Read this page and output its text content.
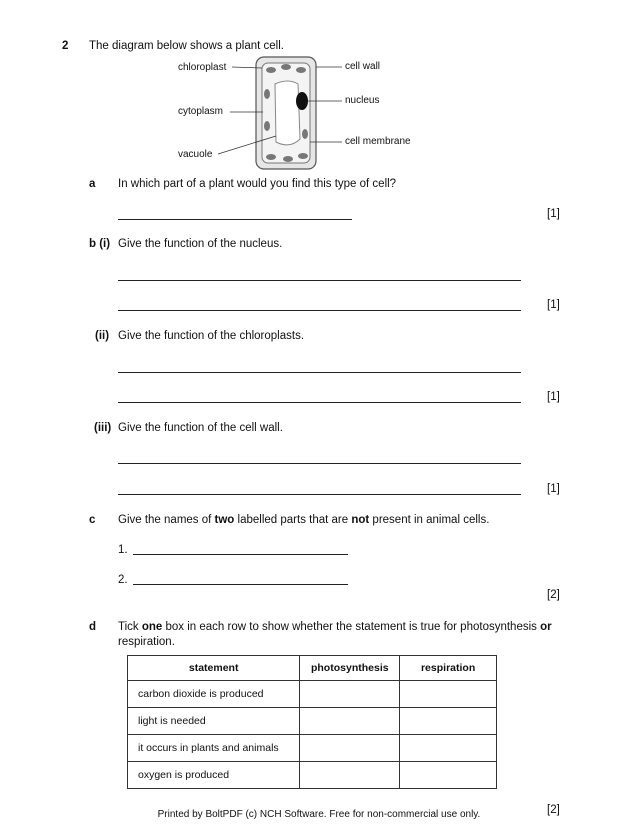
2 The diagram below shows a plant cell.
chloroplast
cytoplasm
vacuole
cell wall
nucleus
cell membrane
a In which part of a plant would you find this type of cell?
[1]
b (i) Give the function of the nucleus.
[1]
(ii) Give the function of the chloroplasts.
[1]
(iii) Give the function of the cell wall.
[1]
c Give the names of two labelled parts that are not present in animal cells.
1.
2.
[2]
d Tick one box in each row to show whether the statement is true for photosynthesis or
respiration.
statement	photosynthesis	respiration
carbon dioxide is produced		
light is needed		
it occurs in plants and animals		
oxygen is produced		
[2]
Printed by BoltPDF (c) NCH Software. Free for non-commercial use only.
